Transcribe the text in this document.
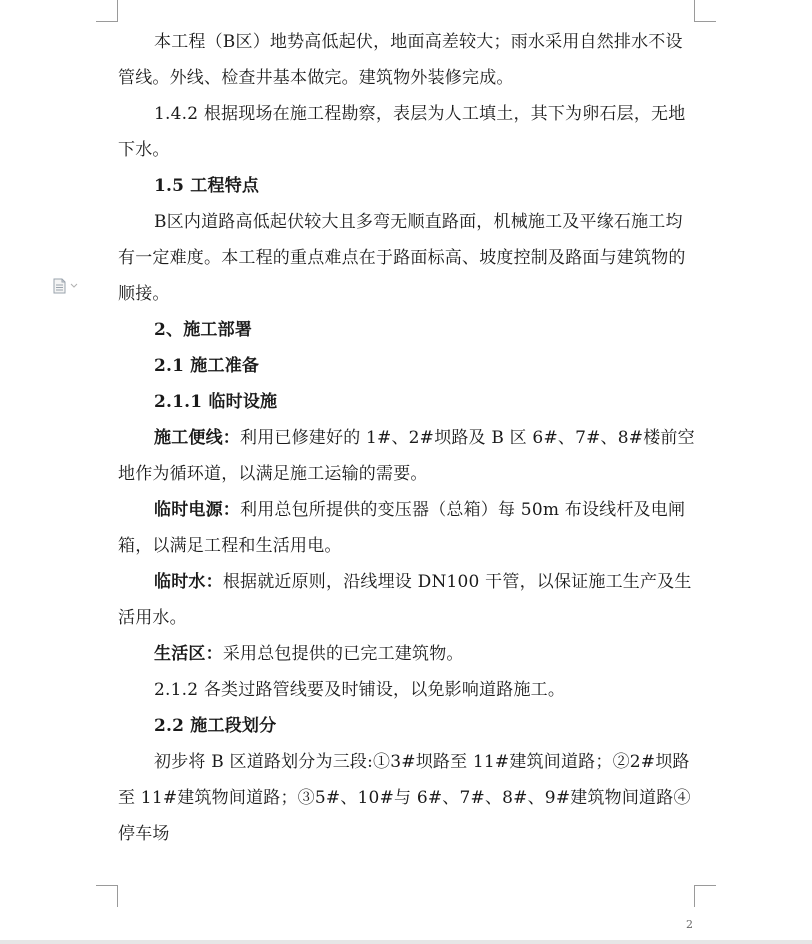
本工程（B区）地势高低起伏，地面高差较大；雨水采用自然排水不设管线。外线、检查井基本做完。建筑物外装修完成。

1.4.2 根据现场在施工程勘察，表层为人工填土，其下为卵石层，无地下水。

1.5 工程特点

B区内道路高低起伏较大且多弯无顺直路面，机械施工及平缘石施工均有一定难度。本工程的重点难点在于路面标高、坡度控制及路面与建筑物的顺接。

2、施工部署

2.1 施工准备

2.1.1 临时设施

施工便线：利用已修建好的 1#、2#坝路及 B 区 6#、7#、8#楼前空地作为循环道，以满足施工运输的需要。

临时电源：利用总包所提供的变压器（总箱）每 50m 布设线杆及电闸箱，以满足工程和生活用电。

临时水：根据就近原则，沿线埋设 DN100 干管，以保证施工生产及生活用水。

生活区：采用总包提供的已完工建筑物。

2.1.2 各类过路管线要及时铺设，以免影响道路施工。

2.2 施工段划分

初步将 B 区道路划分为三段:①3#坝路至 11#建筑间道路；②2#坝路至 11#建筑物间道路；③5#、10#与 6#、7#、8#、9#建筑物间道路④停车场

2
